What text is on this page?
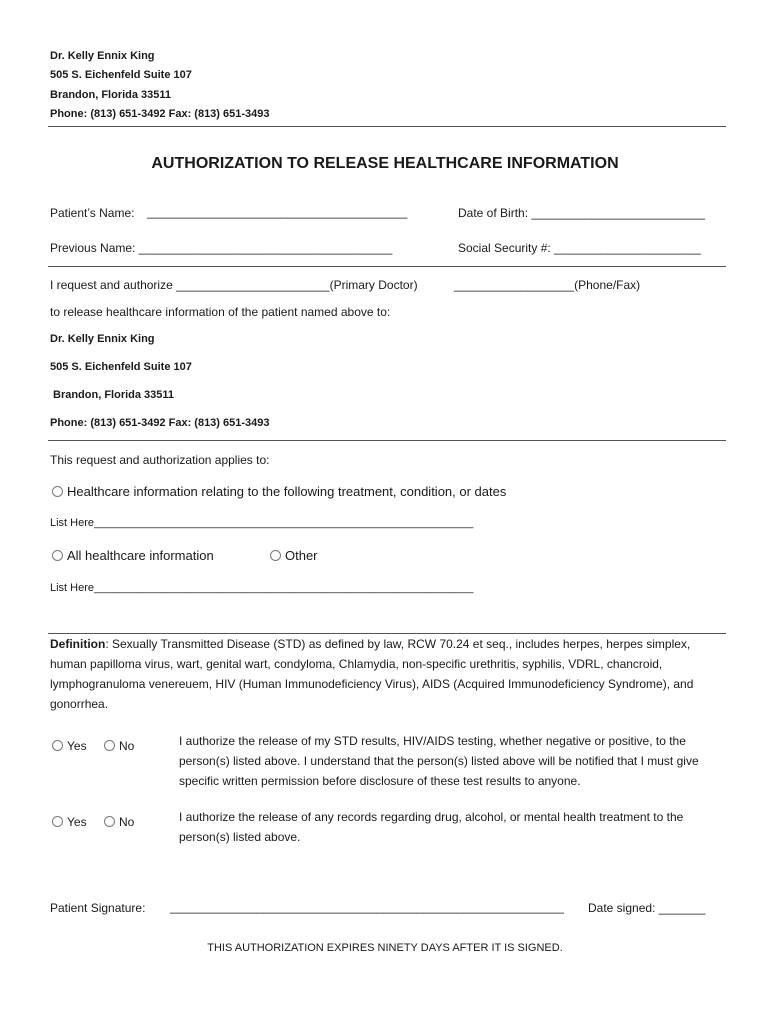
Dr. Kelly Ennix King
505 S. Eichenfeld Suite 107
Brandon, Florida 33511
Phone: (813) 651-3492 Fax: (813) 651-3493
AUTHORIZATION TO RELEASE HEALTHCARE INFORMATION
Patient’s Name: _______________________________________	Date of Birth: __________________________
Previous Name: ______________________________________	Social Security #: ______________________
I request and authorize _______________________(Primary Doctor)	__________________(Phone/Fax)
to release healthcare information of the patient named above to:
Dr. Kelly Ennix King
505 S. Eichenfeld Suite 107
Brandon, Florida 33511
Phone: (813) 651-3492 Fax: (813) 651-3493
This request and authorization applies to:
Healthcare information relating to the following treatment, condition, or dates
List Here______________________________________________________________
All healthcare information	Other
List Here______________________________________________________________
Definition: Sexually Transmitted Disease (STD) as defined by law, RCW 70.24 et seq., includes herpes, herpes simplex, human papilloma virus, wart, genital wart, condyloma, Chlamydia, non-specific urethritis, syphilis, VDRL, chancroid, lymphogranuloma venereuem, HIV (Human Immunodeficiency Virus), AIDS (Acquired Immunodeficiency Syndrome), and gonorrhea.
Yes	No	I authorize the release of my STD results, HIV/AIDS testing, whether negative or positive, to the person(s) listed above. I understand that the person(s) listed above will be notified that I must give specific written permission before disclosure of these test results to anyone.
Yes	No	I authorize the release of any records regarding drug, alcohol, or mental health treatment to the person(s) listed above.
Patient Signature: ___________________________________________________________ Date signed: _______
THIS AUTHORIZATION EXPIRES NINETY DAYS AFTER IT IS SIGNED.
